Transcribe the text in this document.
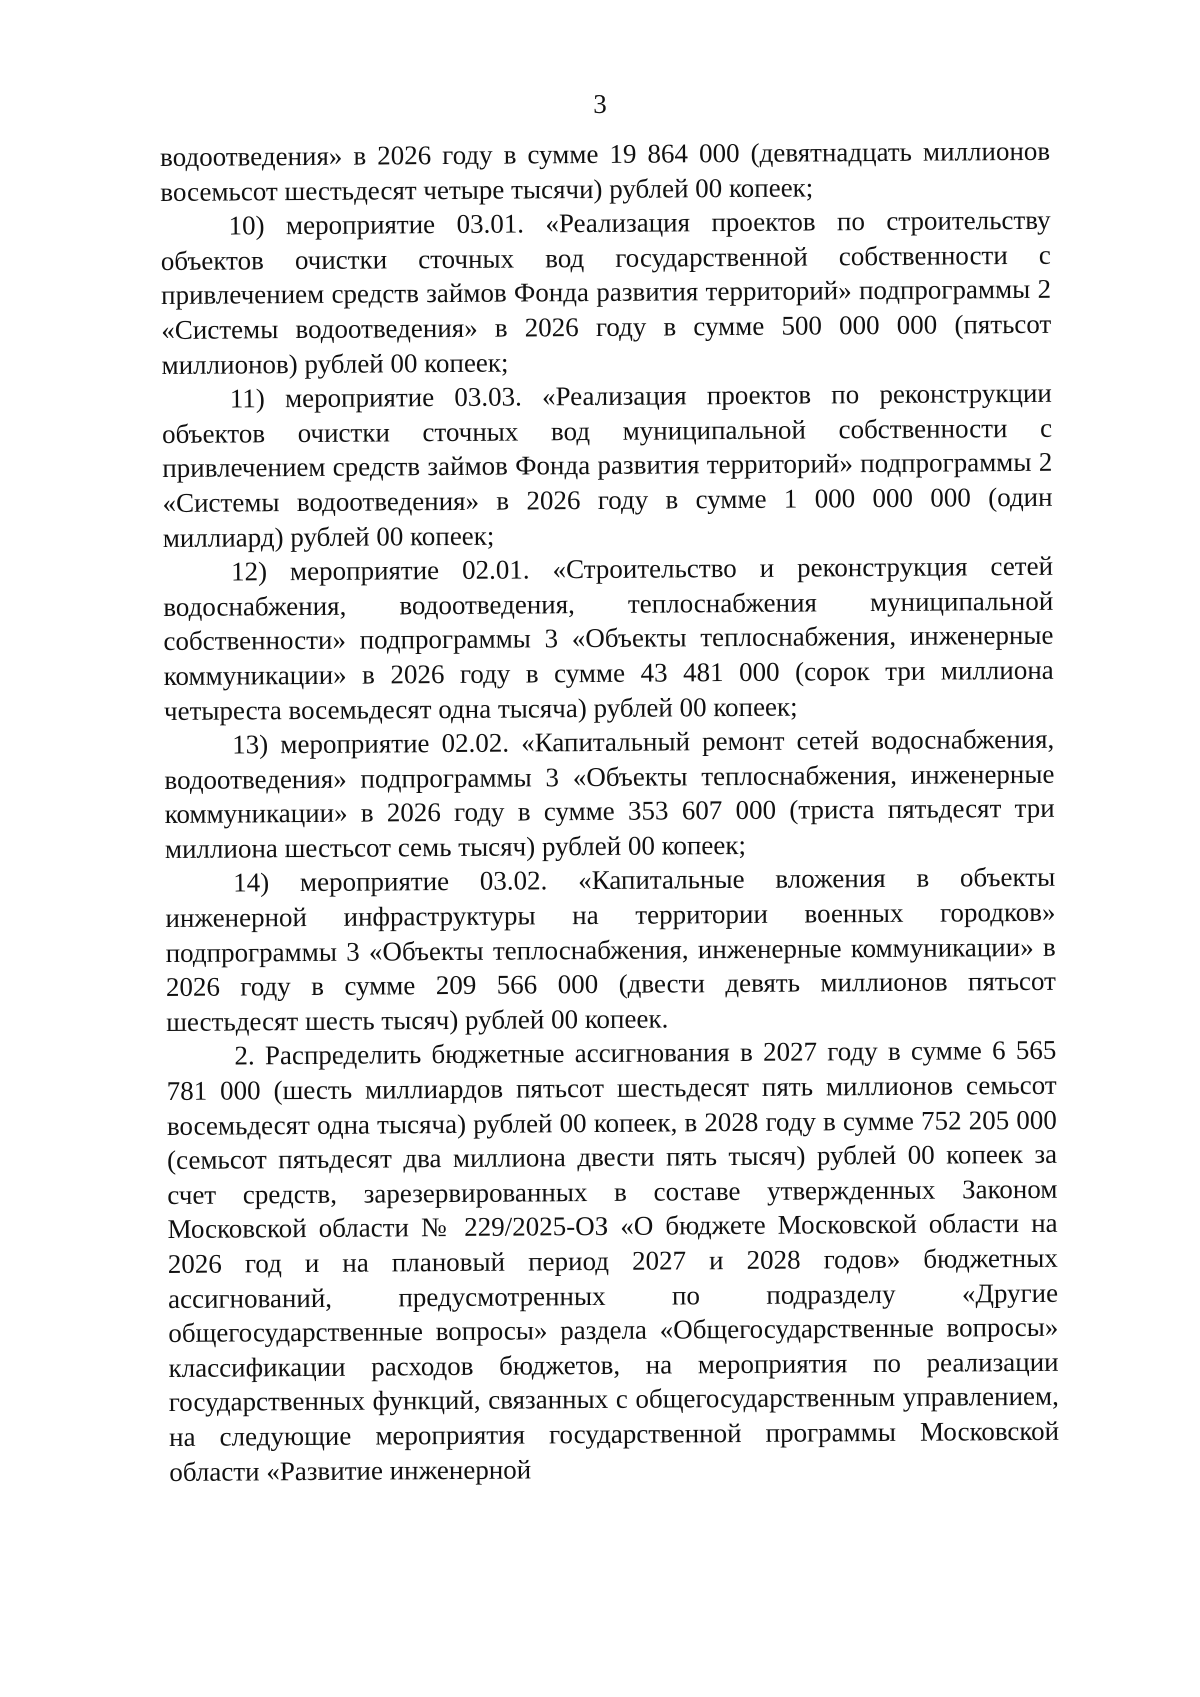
3

водоотведения» в 2026 году в сумме 19 864 000 (девятнадцать миллионов восемьсот шестьдесят четыре тысячи) рублей 00 копеек;

10) мероприятие 03.01. «Реализация проектов по строительству объектов очистки сточных вод государственной собственности с привлечением средств займов Фонда развития территорий» подпрограммы 2 «Системы водоотведения» в 2026 году в сумме 500 000 000 (пятьсот миллионов) рублей 00 копеек;

11) мероприятие 03.03. «Реализация проектов по реконструкции объектов очистки сточных вод муниципальной собственности с привлечением средств займов Фонда развития территорий» подпрограммы 2 «Системы водоотведения» в 2026 году в сумме 1 000 000 000 (один миллиард) рублей 00 копеек;

12) мероприятие 02.01. «Строительство и реконструкция сетей водоснабжения, водоотведения, теплоснабжения муниципальной собственности» подпрограммы 3 «Объекты теплоснабжения, инженерные коммуникации» в 2026 году в сумме 43 481 000 (сорок три миллиона четыреста восемьдесят одна тысяча) рублей 00 копеек;

13) мероприятие 02.02. «Капитальный ремонт сетей водоснабжения, водоотведения» подпрограммы 3 «Объекты теплоснабжения, инженерные коммуникации» в 2026 году в сумме 353 607 000 (триста пятьдесят три миллиона шестьсот семь тысяч) рублей 00 копеек;

14) мероприятие 03.02. «Капитальные вложения в объекты инженерной инфраструктуры на территории военных городков» подпрограммы 3 «Объекты теплоснабжения, инженерные коммуникации» в 2026 году в сумме 209 566 000 (двести девять миллионов пятьсот шестьдесят шесть тысяч) рублей 00 копеек.

2. Распределить бюджетные ассигнования в 2027 году в сумме 6 565 781 000 (шесть миллиардов пятьсот шестьдесят пять миллионов семьсот восемьдесят одна тысяча) рублей 00 копеек, в 2028 году в сумме 752 205 000 (семьсот пятьдесят два миллиона двести пять тысяч) рублей 00 копеек за счет средств, зарезервированных в составе утвержденных Законом Московской области № 229/2025-ОЗ «О бюджете Московской области на 2026 год и на плановый период 2027 и 2028 годов» бюджетных ассигнований, предусмотренных по подразделу «Другие общегосударственные вопросы» раздела «Общегосударственные вопросы» классификации расходов бюджетов, на мероприятия по реализации государственных функций, связанных с общегосударственным управлением, на следующие мероприятия государственной программы Московской области «Развитие инженерной
